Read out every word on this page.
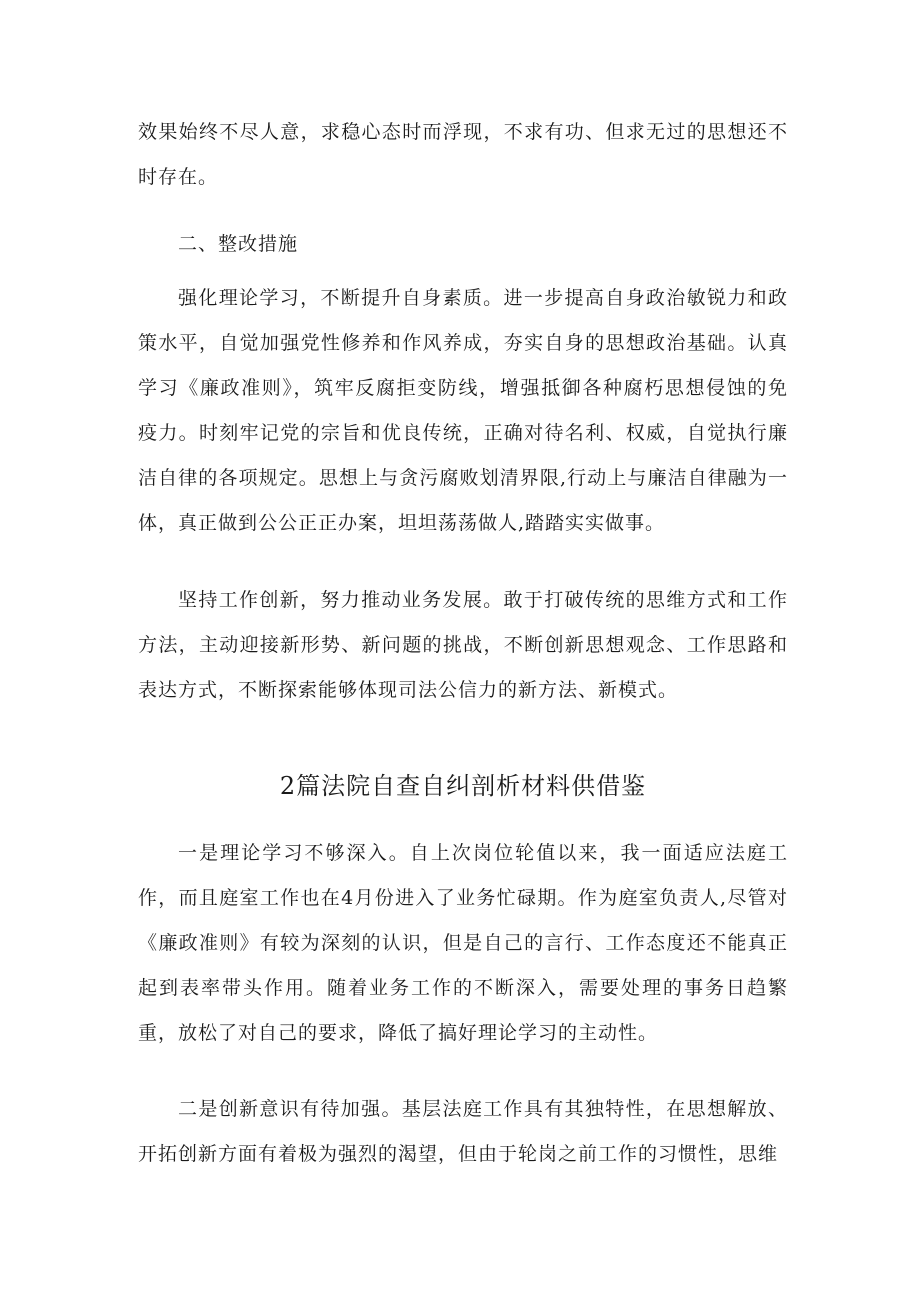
效果始终不尽人意，求稳心态时而浮现，不求有功、但求无过的思想还不时存在。

二、整改措施

强化理论学习，不断提升自身素质。进一步提高自身政治敏锐力和政策水平，自觉加强党性修养和作风养成，夯实自身的思想政治基础。认真学习《廉政准则》，筑牢反腐拒变防线，增强抵御各种腐朽思想侵蚀的免疫力。时刻牢记党的宗旨和优良传统，正确对待名利、权威，自觉执行廉洁自律的各项规定。思想上与贪污腐败划清界限,行动上与廉洁自律融为一体，真正做到公公正正办案，坦坦荡荡做人,踏踏实实做事。

坚持工作创新，努力推动业务发展。敢于打破传统的思维方式和工作方法，主动迎接新形势、新问题的挑战，不断创新思想观念、工作思路和表达方式，不断探索能够体现司法公信力的新方法、新模式。

2篇法院自查自纠剖析材料供借鉴

一是理论学习不够深入。自上次岗位轮值以来，我一面适应法庭工作，而且庭室工作也在4月份进入了业务忙碌期。作为庭室负责人,尽管对《廉政准则》有较为深刻的认识，但是自己的言行、工作态度还不能真正起到表率带头作用。随着业务工作的不断深入，需要处理的事务日趋繁重，放松了对自己的要求，降低了搞好理论学习的主动性。

二是创新意识有待加强。基层法庭工作具有其独特性，在思想解放、开拓创新方面有着极为强烈的渴望，但由于轮岗之前工作的习惯性，思维
